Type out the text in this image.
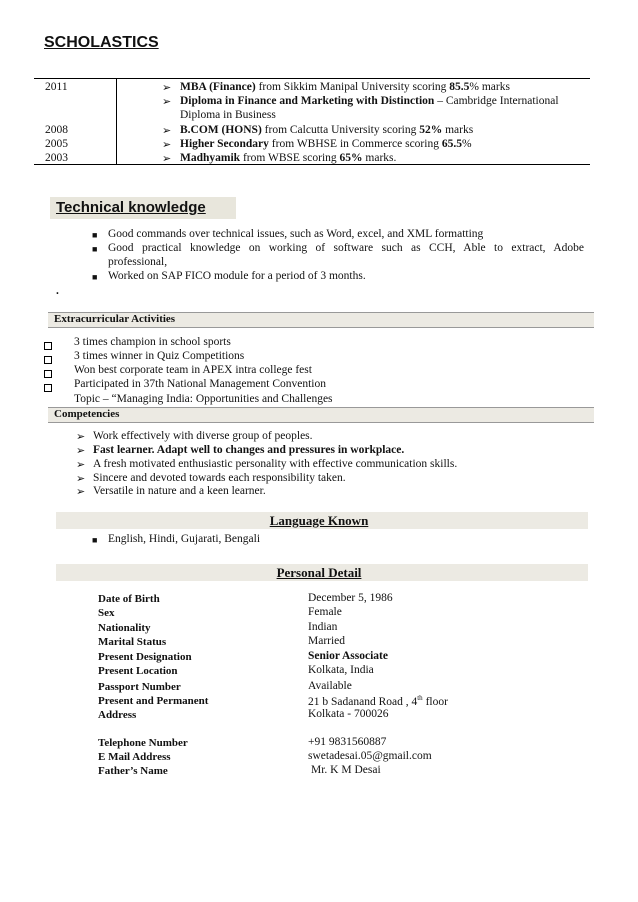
SCHOLASTICS
2011	➢ MBA (Finance) from Sikkim Manipal University scoring 85.5% marks
➢ Diploma in Finance and Marketing with Distinction – Cambridge International
Diploma in Business
2008	➢ B.COM (HONS) from Calcutta University scoring 52% marks
2005	➢ Higher Secondary from WBHSE in Commerce scoring 65.5%
2003	➢ Madhyamik from WBSE scoring 65% marks.
Technical knowledge
■ Good commands over technical issues, such as Word, excel, and XML formatting
■ Good practical knowledge on working of software such as CCH, Able to extract, Adobe
professional,
■ Worked on SAP FICO module for a period of 3 months.
.
Extracurricular Activities
3 times champion in school sports
3 times winner in Quiz Competitions
Won best corporate team in APEX intra college fest
Participated in 37th National Management Convention
Topic – “Managing India: Opportunities and Challenges
Competencies
➢ Work effectively with diverse group of peoples.
➢ Fast learner. Adapt well to changes and pressures in workplace.
➢ A fresh motivated enthusiastic personality with effective communication skills.
➢ Sincere and devoted towards each responsibility taken.
➢ Versatile in nature and a keen learner.
Language Known
■ English, Hindi, Gujarati, Bengali
Personal Detail
Date of Birth	December 5, 1986
Sex	Female
Nationality	Indian
Marital Status	Married
Present Designation	Senior Associate
Present Location	Kolkata, India
Passport Number	Available
Present and Permanent	21 b Sadanand Road , 4th floor
Address	Kolkata - 700026
Telephone Number	+91 9831560887
E Mail Address	swetadesai.05@gmail.com
Father’s Name	Mr. K M Desai
